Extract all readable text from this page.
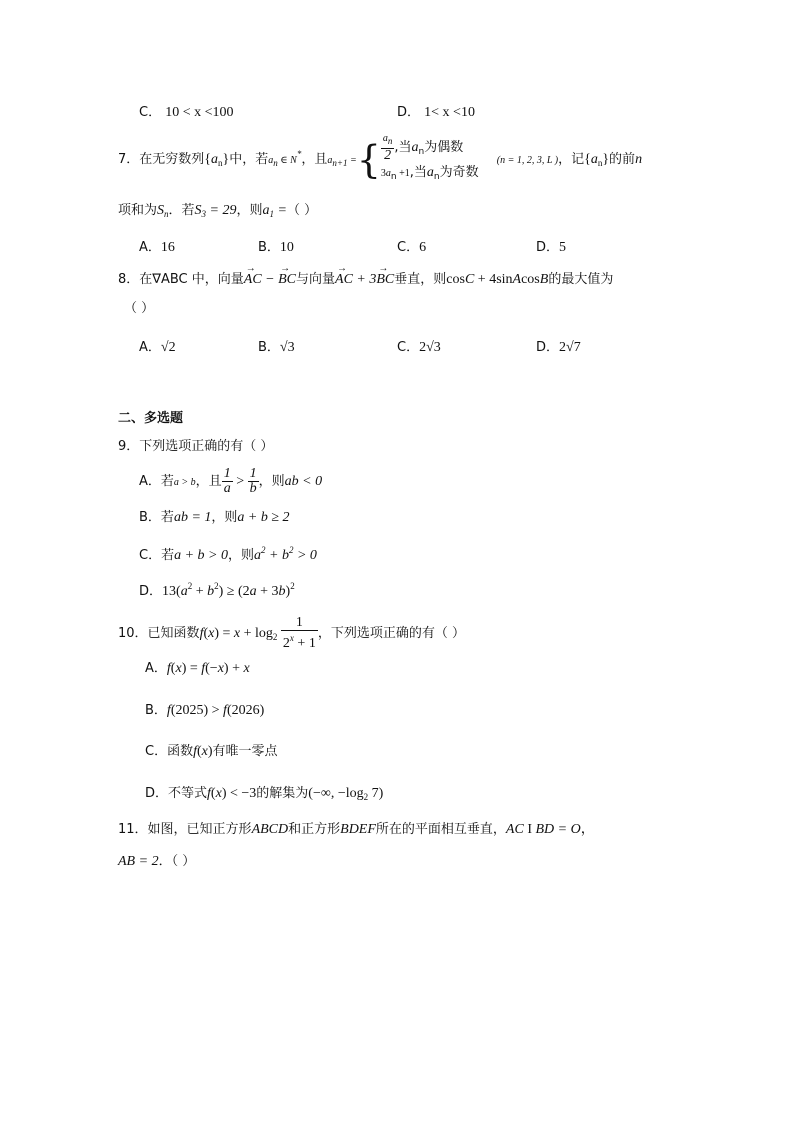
C． 10 < x <100	D． 1< x <10
7．在无穷数列$\{a_n\}$中，若an ∈ N*，且an+1 ={ $\frac{an}{2}$ ,当$a_n$为偶数
$3a_n +1$,当$a_n$为奇数
(n = 1, 2, 3, L )，记$\{a_n\}$的前n
项和为$S_n$．若$S_3 = 29$，则$a_1$ =（ ）
A．16	B．10	C．6	D．5
8．在∇ABC 中，向量→ AC − → BC与向量→ AC + 3→ BC垂直，则cosC + 4sinAcosB的最大值为
（ ）
A．√2	B．√3	C．2√3	D．2√7
二、多选题
9．下列选项正确的有（ ）
A．若a > b，且 $\frac{1}{a} > \frac{1}{b}$ ，则ab < 0
B．若ab = 1，则a + b ≥ 2
C．若a + b > 0，则$a^2 + b^2 > 0$
D．$13(a^2 + b^2) \ge (2a + 3b)^2$
10．已知函数$f(x) = x + \log_2 \frac{1}{2^x + 1}$ ，下列选项正确的有（ ）
A．f(x) = f(−x) + x
B．f(2025) > f(2026)
C．函数f(x)有唯一零点
D．不等式f(x) < −3的解集为(−∞, $-\log_2$ 7)
11．如图，已知正方形ABCD和正方形BDEF所在的平面相互垂直，AC I BD = O，
AB = 2．（ ）
